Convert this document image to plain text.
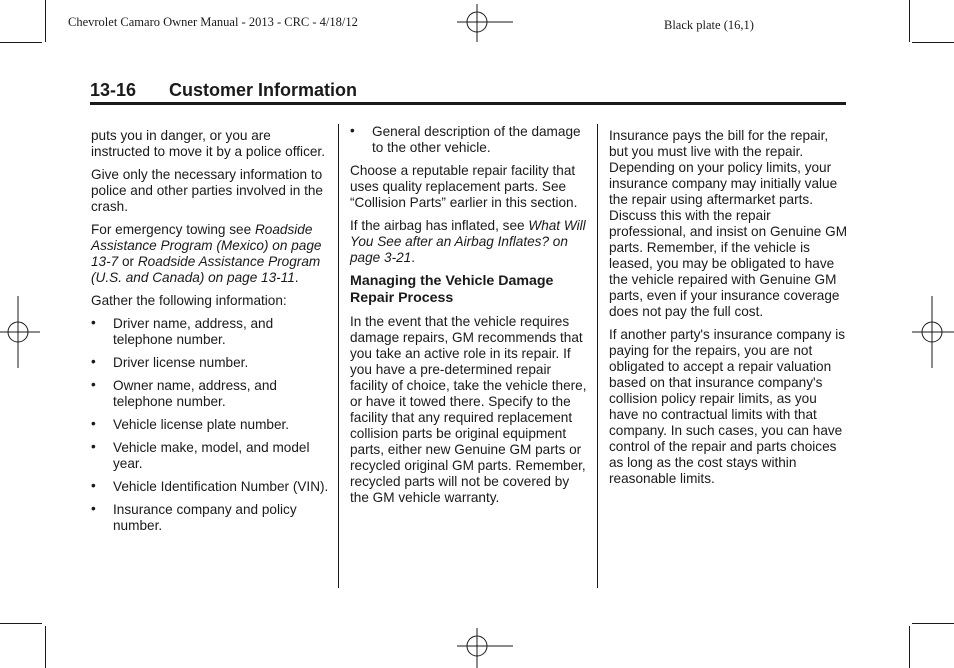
Chevrolet Camaro Owner Manual - 2013 - CRC - 4/18/12	Black plate (16,1)
13-16 Customer Information

puts you in danger, or you are instructed to move it by a police officer.

Give only the necessary information to police and other parties involved in the crash.

For emergency towing see Roadside Assistance Program (Mexico) on page 13-7 or Roadside Assistance Program (U.S. and Canada) on page 13-11.

Gather the following information:

• Driver name, address, and telephone number.
• Driver license number.
• Owner name, address, and telephone number.
• Vehicle license plate number.
• Vehicle make, model, and model year.
• Vehicle Identification Number (VIN).
• Insurance company and policy number.
• General description of the damage to the other vehicle.

Choose a reputable repair facility that uses quality replacement parts. See “Collision Parts” earlier in this section.

If the airbag has inflated, see What Will You See after an Airbag Inflates? on page 3-21.

Managing the Vehicle Damage Repair Process

In the event that the vehicle requires damage repairs, GM recommends that you take an active role in its repair. If you have a pre-determined repair facility of choice, take the vehicle there, or have it towed there. Specify to the facility that any required replacement collision parts be original equipment parts, either new Genuine GM parts or recycled original GM parts. Remember, recycled parts will not be covered by the GM vehicle warranty.

Insurance pays the bill for the repair, but you must live with the repair. Depending on your policy limits, your insurance company may initially value the repair using aftermarket parts. Discuss this with the repair professional, and insist on Genuine GM parts. Remember, if the vehicle is leased, you may be obligated to have the vehicle repaired with Genuine GM parts, even if your insurance coverage does not pay the full cost.

If another party's insurance company is paying for the repairs, you are not obligated to accept a repair valuation based on that insurance company's collision policy repair limits, as you have no contractual limits with that company. In such cases, you can have control of the repair and parts choices as long as the cost stays within reasonable limits.
